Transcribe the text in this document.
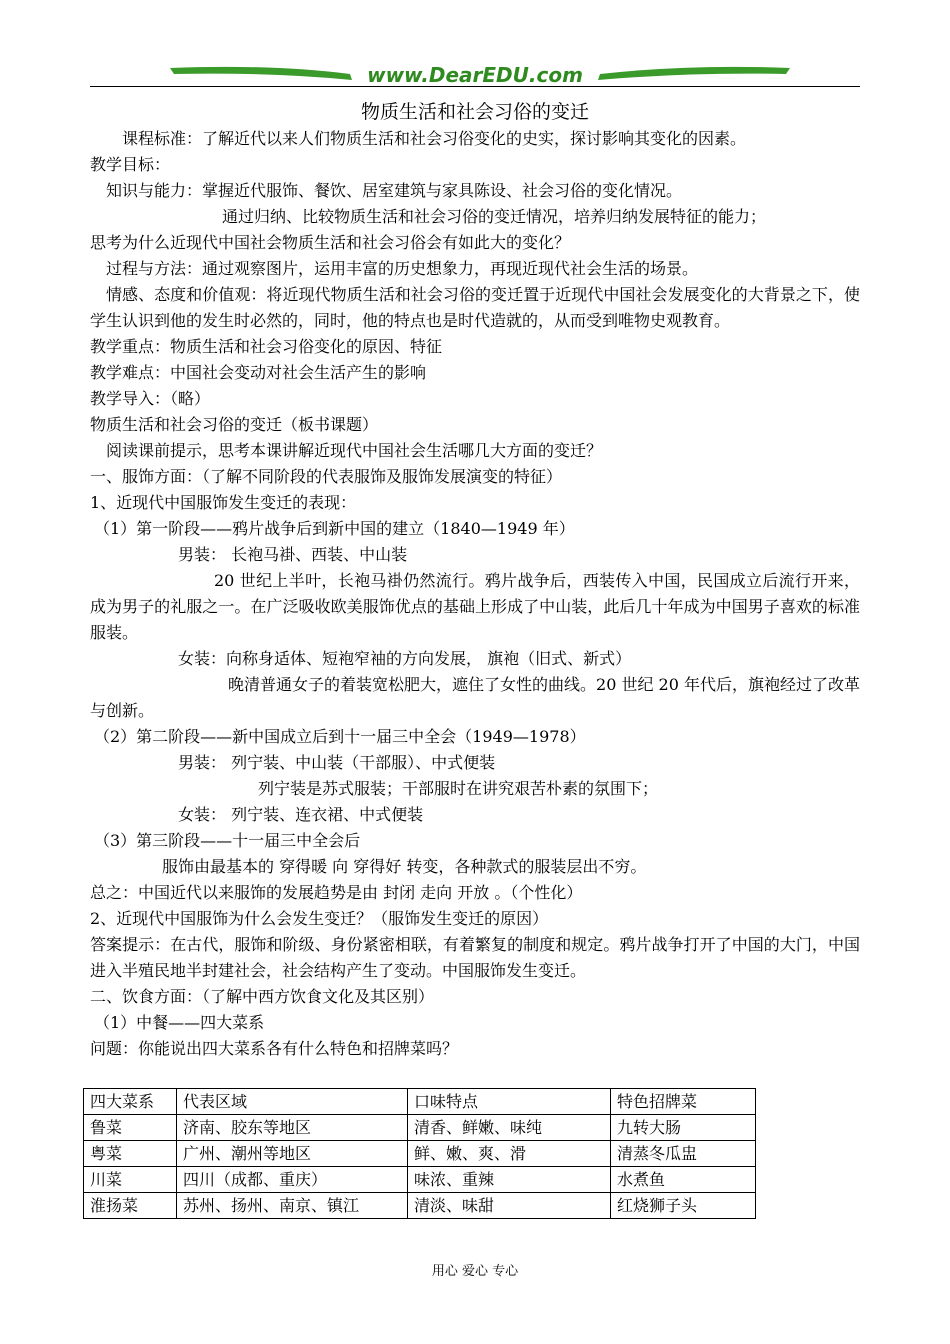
www.DearEDU.com
物质生活和社会习俗的变迁
课程标准：了解近代以来人们物质生活和社会习俗变化的史实，探讨影响其变化的因素。
教学目标：
知识与能力：掌握近代服饰、餐饮、居室建筑与家具陈设、社会习俗的变化情况。
通过归纳、比较物质生活和社会习俗的变迁情况，培养归纳发展特征的能力；
思考为什么近现代中国社会物质生活和社会习俗会有如此大的变化？
过程与方法：通过观察图片，运用丰富的历史想象力，再现近现代社会生活的场景。
情感、态度和价值观：将近现代物质生活和社会习俗的变迁置于近现代中国社会发展变化的大背景之下，使学生认识到他的发生时必然的，同时，他的特点也是时代造就的，从而受到唯物史观教育。
教学重点：物质生活和社会习俗变化的原因、特征
教学难点：中国社会变动对社会生活产生的影响
教学导入：（略）
物质生活和社会习俗的变迁（板书课题）
阅读课前提示，思考本课讲解近现代中国社会生活哪几大方面的变迁？
一、服饰方面：（了解不同阶段的代表服饰及服饰发展演变的特征）
1、近现代中国服饰发生变迁的表现：
（1）第一阶段——鸦片战争后到新中国的建立（1840—1949 年）
男装： 长袍马褂、西装、中山装
20 世纪上半叶，长袍马褂仍然流行。鸦片战争后，西装传入中国，民国成立后流行开来，成为男子的礼服之一。在广泛吸收欧美服饰优点的基础上形成了中山装，此后几十年成为中国男子喜欢的标准服装。
女装：向称身适体、短袍窄袖的方向发展， 旗袍（旧式、新式）
晚清普通女子的着装宽松肥大，遮住了女性的曲线。20 世纪 20 年代后，旗袍经过了改革与创新。
（2）第二阶段——新中国成立后到十一届三中全会（1949—1978）
男装： 列宁装、中山装（干部服）、中式便装
列宁装是苏式服装；干部服时在讲究艰苦朴素的氛围下；
女装： 列宁装、连衣裙、中式便装
（3）第三阶段——十一届三中全会后
服饰由最基本的 穿得暖 向 穿得好 转变，各种款式的服装层出不穷。
总之：中国近代以来服饰的发展趋势是由 封闭 走向 开放 。（个性化）
2、近现代中国服饰为什么会发生变迁？（服饰发生变迁的原因）
答案提示：在古代，服饰和阶级、身份紧密相联，有着繁复的制度和规定。鸦片战争打开了中国的大门，中国进入半殖民地半封建社会，社会结构产生了变动。中国服饰发生变迁。
二、饮食方面：（了解中西方饮食文化及其区别）
（1）中餐——四大菜系
问题：你能说出四大菜系各有什么特色和招牌菜吗？
四大菜系	代表区域	口味特点	特色招牌菜
鲁菜	济南、胶东等地区	清香、鲜嫩、味纯	九转大肠
粤菜	广州、潮州等地区	鲜、嫩、爽、滑	清蒸冬瓜盅
川菜	四川（成都、重庆）	味浓、重辣	水煮鱼
淮扬菜	苏州、扬州、南京、镇江	清淡、味甜	红烧狮子头
用心 爱心 专心
